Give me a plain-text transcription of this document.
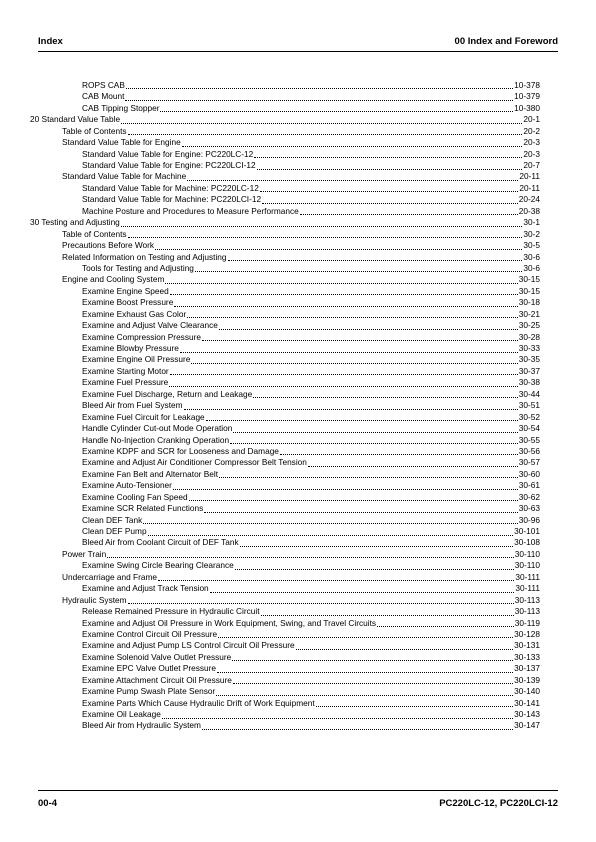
Index	00 Index and Foreword
ROPS CAB	10-378
CAB Mount	10-379
CAB Tipping Stopper	10-380
20 Standard Value Table	20-1
Table of Contents	20-2
Standard Value Table for Engine	20-3
Standard Value Table for Engine: PC220LC-12	20-3
Standard Value Table for Engine: PC220LCI-12	20-7
Standard Value Table for Machine	20-11
Standard Value Table for Machine: PC220LC-12	20-11
Standard Value Table for Machine: PC220LCI-12	20-24
Machine Posture and Procedures to Measure Performance	20-38
30 Testing and Adjusting	30-1
Table of Contents	30-2
Precautions Before Work	30-5
Related Information on Testing and Adjusting	30-6
Tools for Testing and Adjusting	30-6
Engine and Cooling System	30-15
Examine Engine Speed	30-15
Examine Boost Pressure	30-18
Examine Exhaust Gas Color	30-21
Examine and Adjust Valve Clearance	30-25
Examine Compression Pressure	30-28
Examine Blowby Pressure	30-33
Examine Engine Oil Pressure	30-35
Examine Starting Motor	30-37
Examine Fuel Pressure	30-38
Examine Fuel Discharge, Return and Leakage	30-44
Bleed Air from Fuel System	30-51
Examine Fuel Circuit for Leakage	30-52
Handle Cylinder Cut-out Mode Operation	30-54
Handle No-Injection Cranking Operation	30-55
Examine KDPF and SCR for Looseness and Damage	30-56
Examine and Adjust Air Conditioner Compressor Belt Tension	30-57
Examine Fan Belt and Alternator Belt	30-60
Examine Auto-Tensioner	30-61
Examine Cooling Fan Speed	30-62
Examine SCR Related Functions	30-63
Clean DEF Tank	30-96
Clean DEF Pump	30-101
Bleed Air from Coolant Circuit of DEF Tank	30-108
Power Train	30-110
Examine Swing Circle Bearing Clearance	30-110
Undercarriage and Frame	30-111
Examine and Adjust Track Tension	30-111
Hydraulic System	30-113
Release Remained Pressure in Hydraulic Circuit	30-113
Examine and Adjust Oil Pressure in Work Equipment, Swing, and Travel Circuits	30-119
Examine Control Circuit Oil Pressure	30-128
Examine and Adjust Pump LS Control Circuit Oil Pressure	30-131
Examine Solenoid Valve Outlet Pressure	30-133
Examine EPC Valve Outlet Pressure	30-137
Examine Attachment Circuit Oil Pressure	30-139
Examine Pump Swash Plate Sensor	30-140
Examine Parts Which Cause Hydraulic Drift of Work Equipment	30-141
Examine Oil Leakage	30-143
Bleed Air from Hydraulic System	30-147
00-4	PC220LC-12, PC220LCI-12
